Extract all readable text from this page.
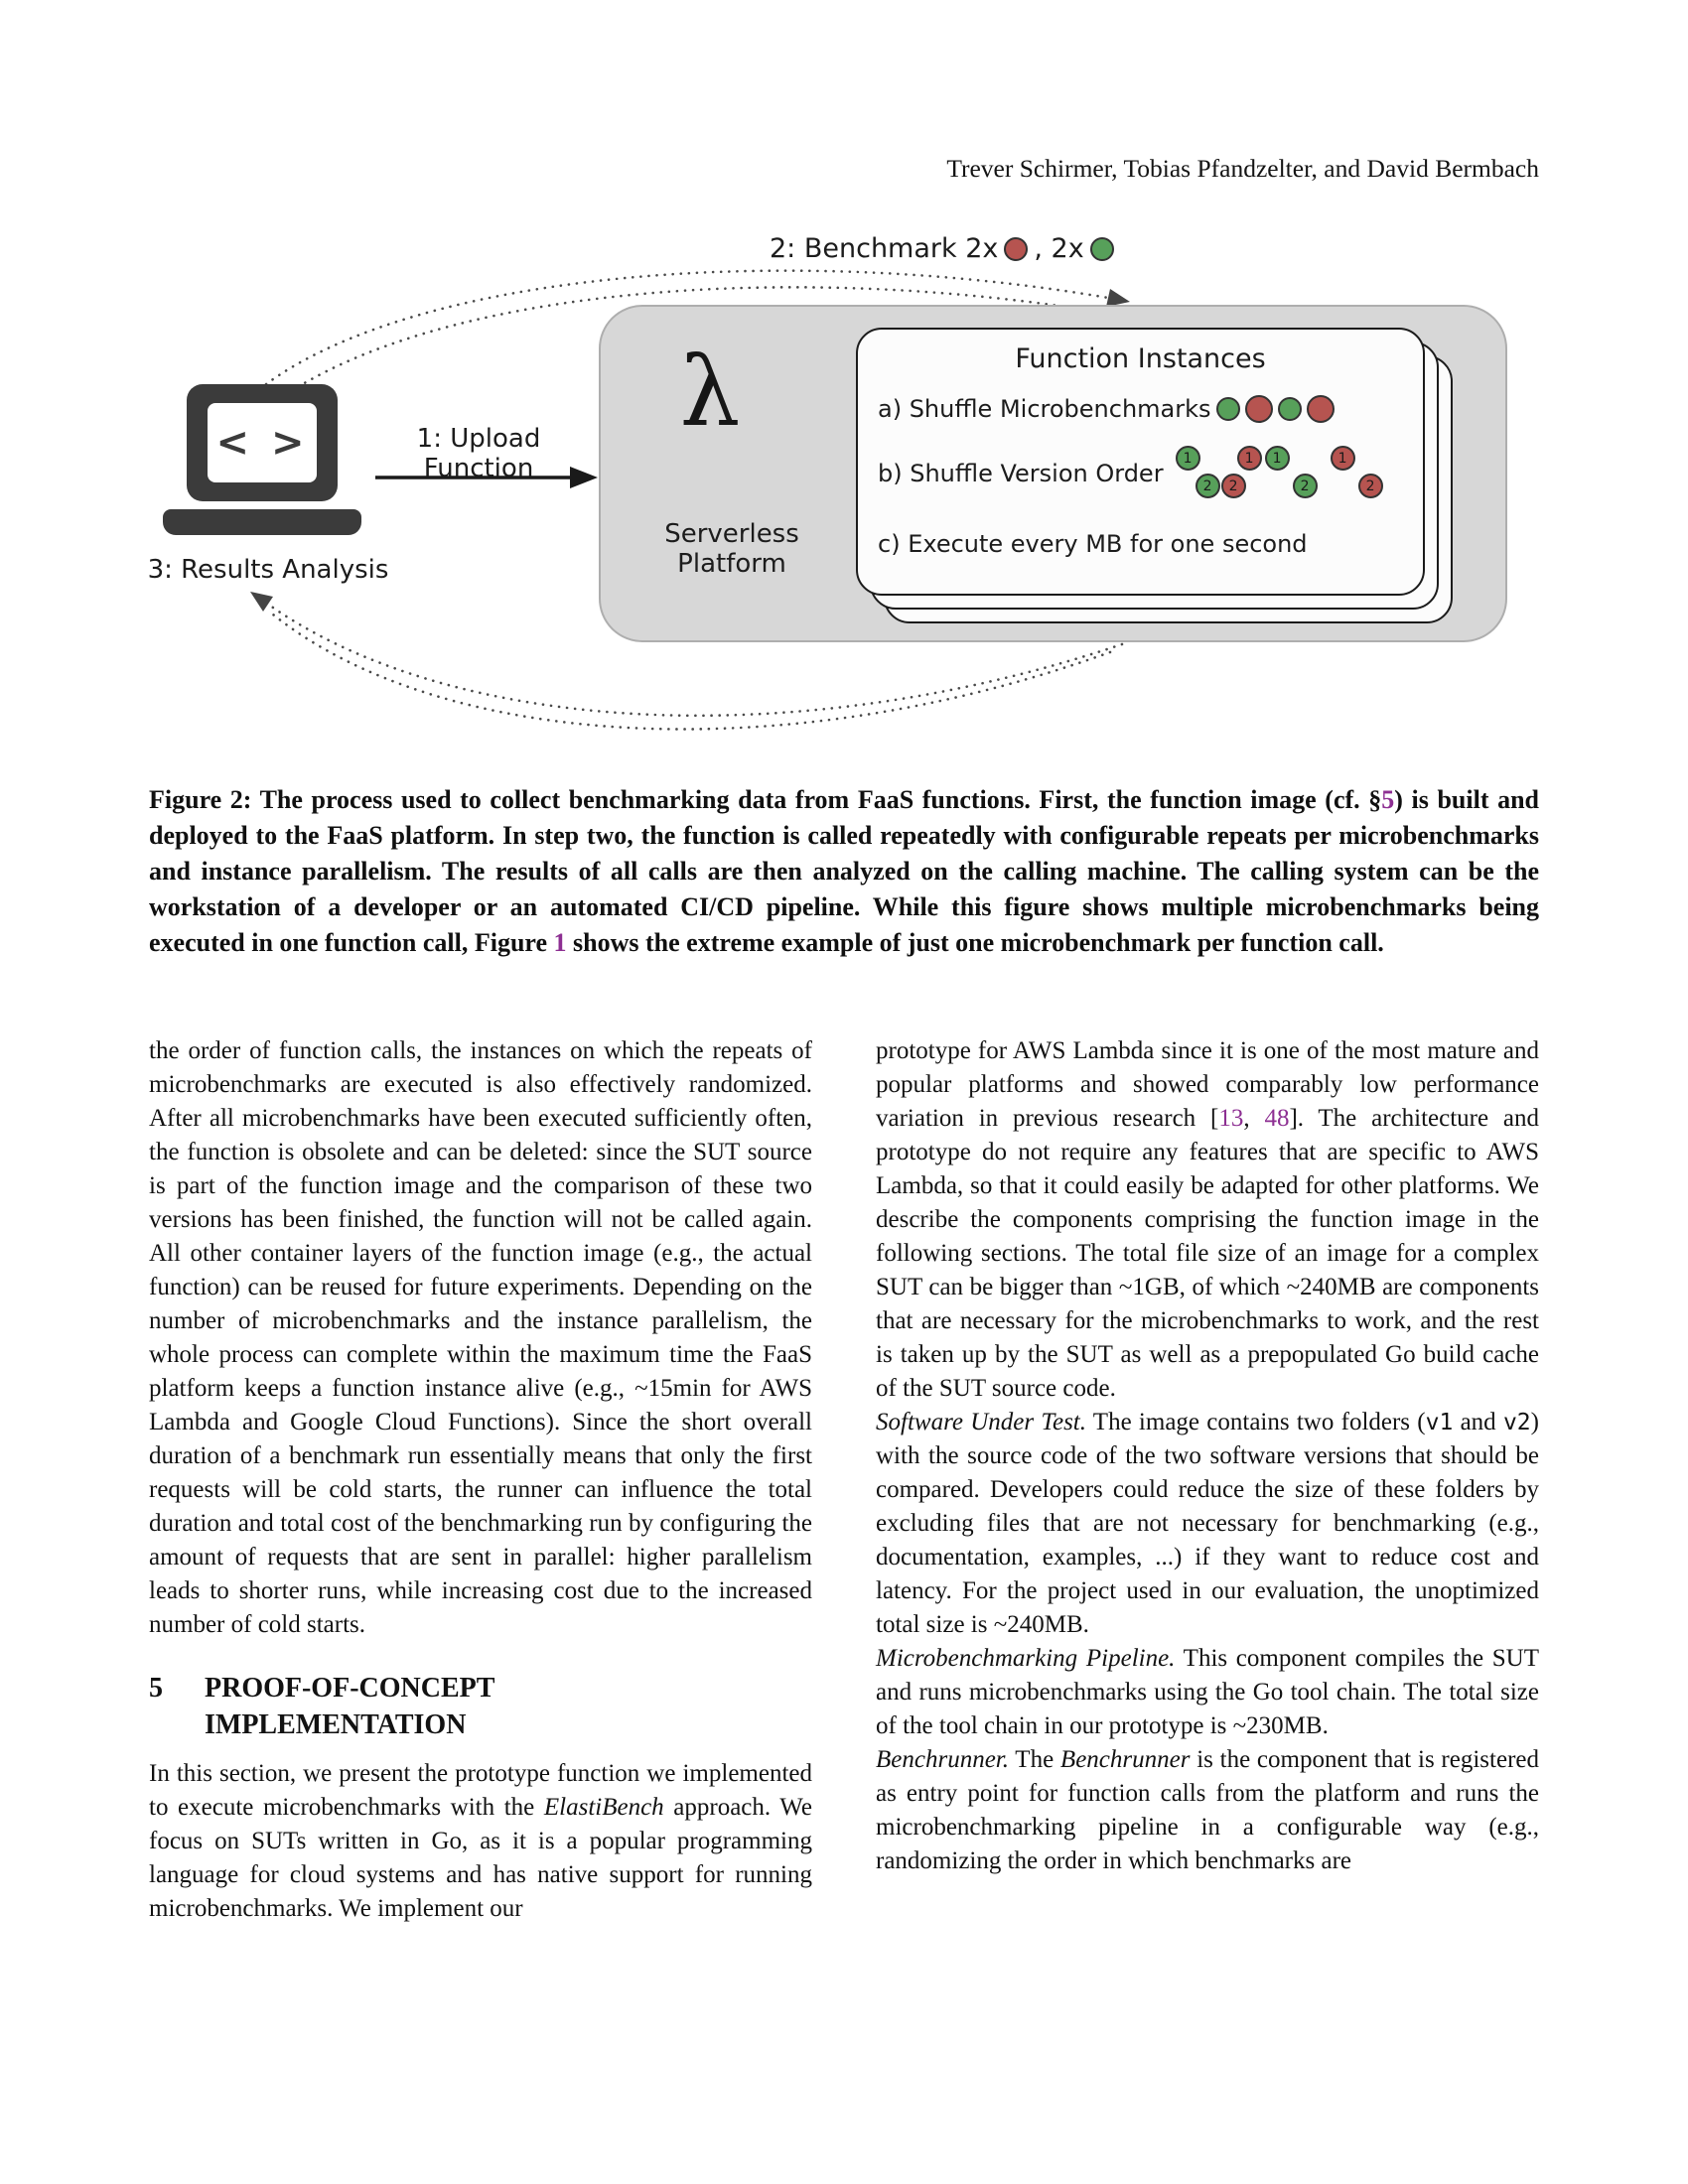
Trever Schirmer, Tobias Pfandzelter, and David Bermbach
2: Benchmark 2x , 2x
< >
3: Results Analysis
1: Upload Function
λ
Serverless Platform
Function Instances
a) Shuffle Microbenchmarks
b) Shuffle Version Order
1	1	1	1
2	2	2	2
c) Execute every MB for one second

Figure 2: The process used to collect benchmarking data from FaaS functions. First, the function image (cf. §5) is built and deployed to the FaaS platform. In step two, the function is called repeatedly with configurable repeats per microbenchmarks and instance parallelism. The results of all calls are then analyzed on the calling machine. The calling system can be the workstation of a developer or an automated CI/CD pipeline. While this figure shows multiple microbenchmarks being executed in one function call, Figure 1 shows the extreme example of just one microbenchmark per function call.

the order of function calls, the instances on which the repeats of microbenchmarks are executed is also effectively randomized. After all microbenchmarks have been executed sufficiently often, the function is obsolete and can be deleted: since the SUT source is part of the function image and the comparison of these two versions has been finished, the function will not be called again. All other container layers of the function image (e.g., the actual function) can be reused for future experiments. Depending on the number of microbenchmarks and the instance parallelism, the whole process can complete within the maximum time the FaaS platform keeps a function instance alive (e.g., ~15min for AWS Lambda and Google Cloud Functions). Since the short overall duration of a benchmark run essentially means that only the first requests will be cold starts, the runner can influence the total duration and total cost of the benchmarking run by configuring the amount of requests that are sent in parallel: higher parallelism leads to shorter runs, while increasing cost due to the increased number of cold starts.

5	PROOF-OF-CONCEPT IMPLEMENTATION

In this section, we present the prototype function we implemented to execute microbenchmarks with the ElastiBench approach. We focus on SUTs written in Go, as it is a popular programming language for cloud systems and has native support for running microbenchmarks. We implement our

prototype for AWS Lambda since it is one of the most mature and popular platforms and showed comparably low performance variation in previous research [13, 48]. The architecture and prototype do not require any features that are specific to AWS Lambda, so that it could easily be adapted for other platforms. We describe the components comprising the function image in the following sections. The total file size of an image for a complex SUT can be bigger than ~1GB, of which ~240MB are components that are necessary for the microbenchmarks to work, and the rest is taken up by the SUT as well as a prepopulated Go build cache of the SUT source code.

Software Under Test. The image contains two folders (v1 and v2) with the source code of the two software versions that should be compared. Developers could reduce the size of these folders by excluding files that are not necessary for benchmarking (e.g., documentation, examples, ...) if they want to reduce cost and latency. For the project used in our evaluation, the unoptimized total size is ~240MB.

Microbenchmarking Pipeline. This component compiles the SUT and runs microbenchmarks using the Go tool chain. The total size of the tool chain in our prototype is ~230MB.

Benchrunner. The Benchrunner is the component that is registered as entry point for function calls from the platform and runs the microbenchmarking pipeline in a configurable way (e.g., randomizing the order in which benchmarks are
